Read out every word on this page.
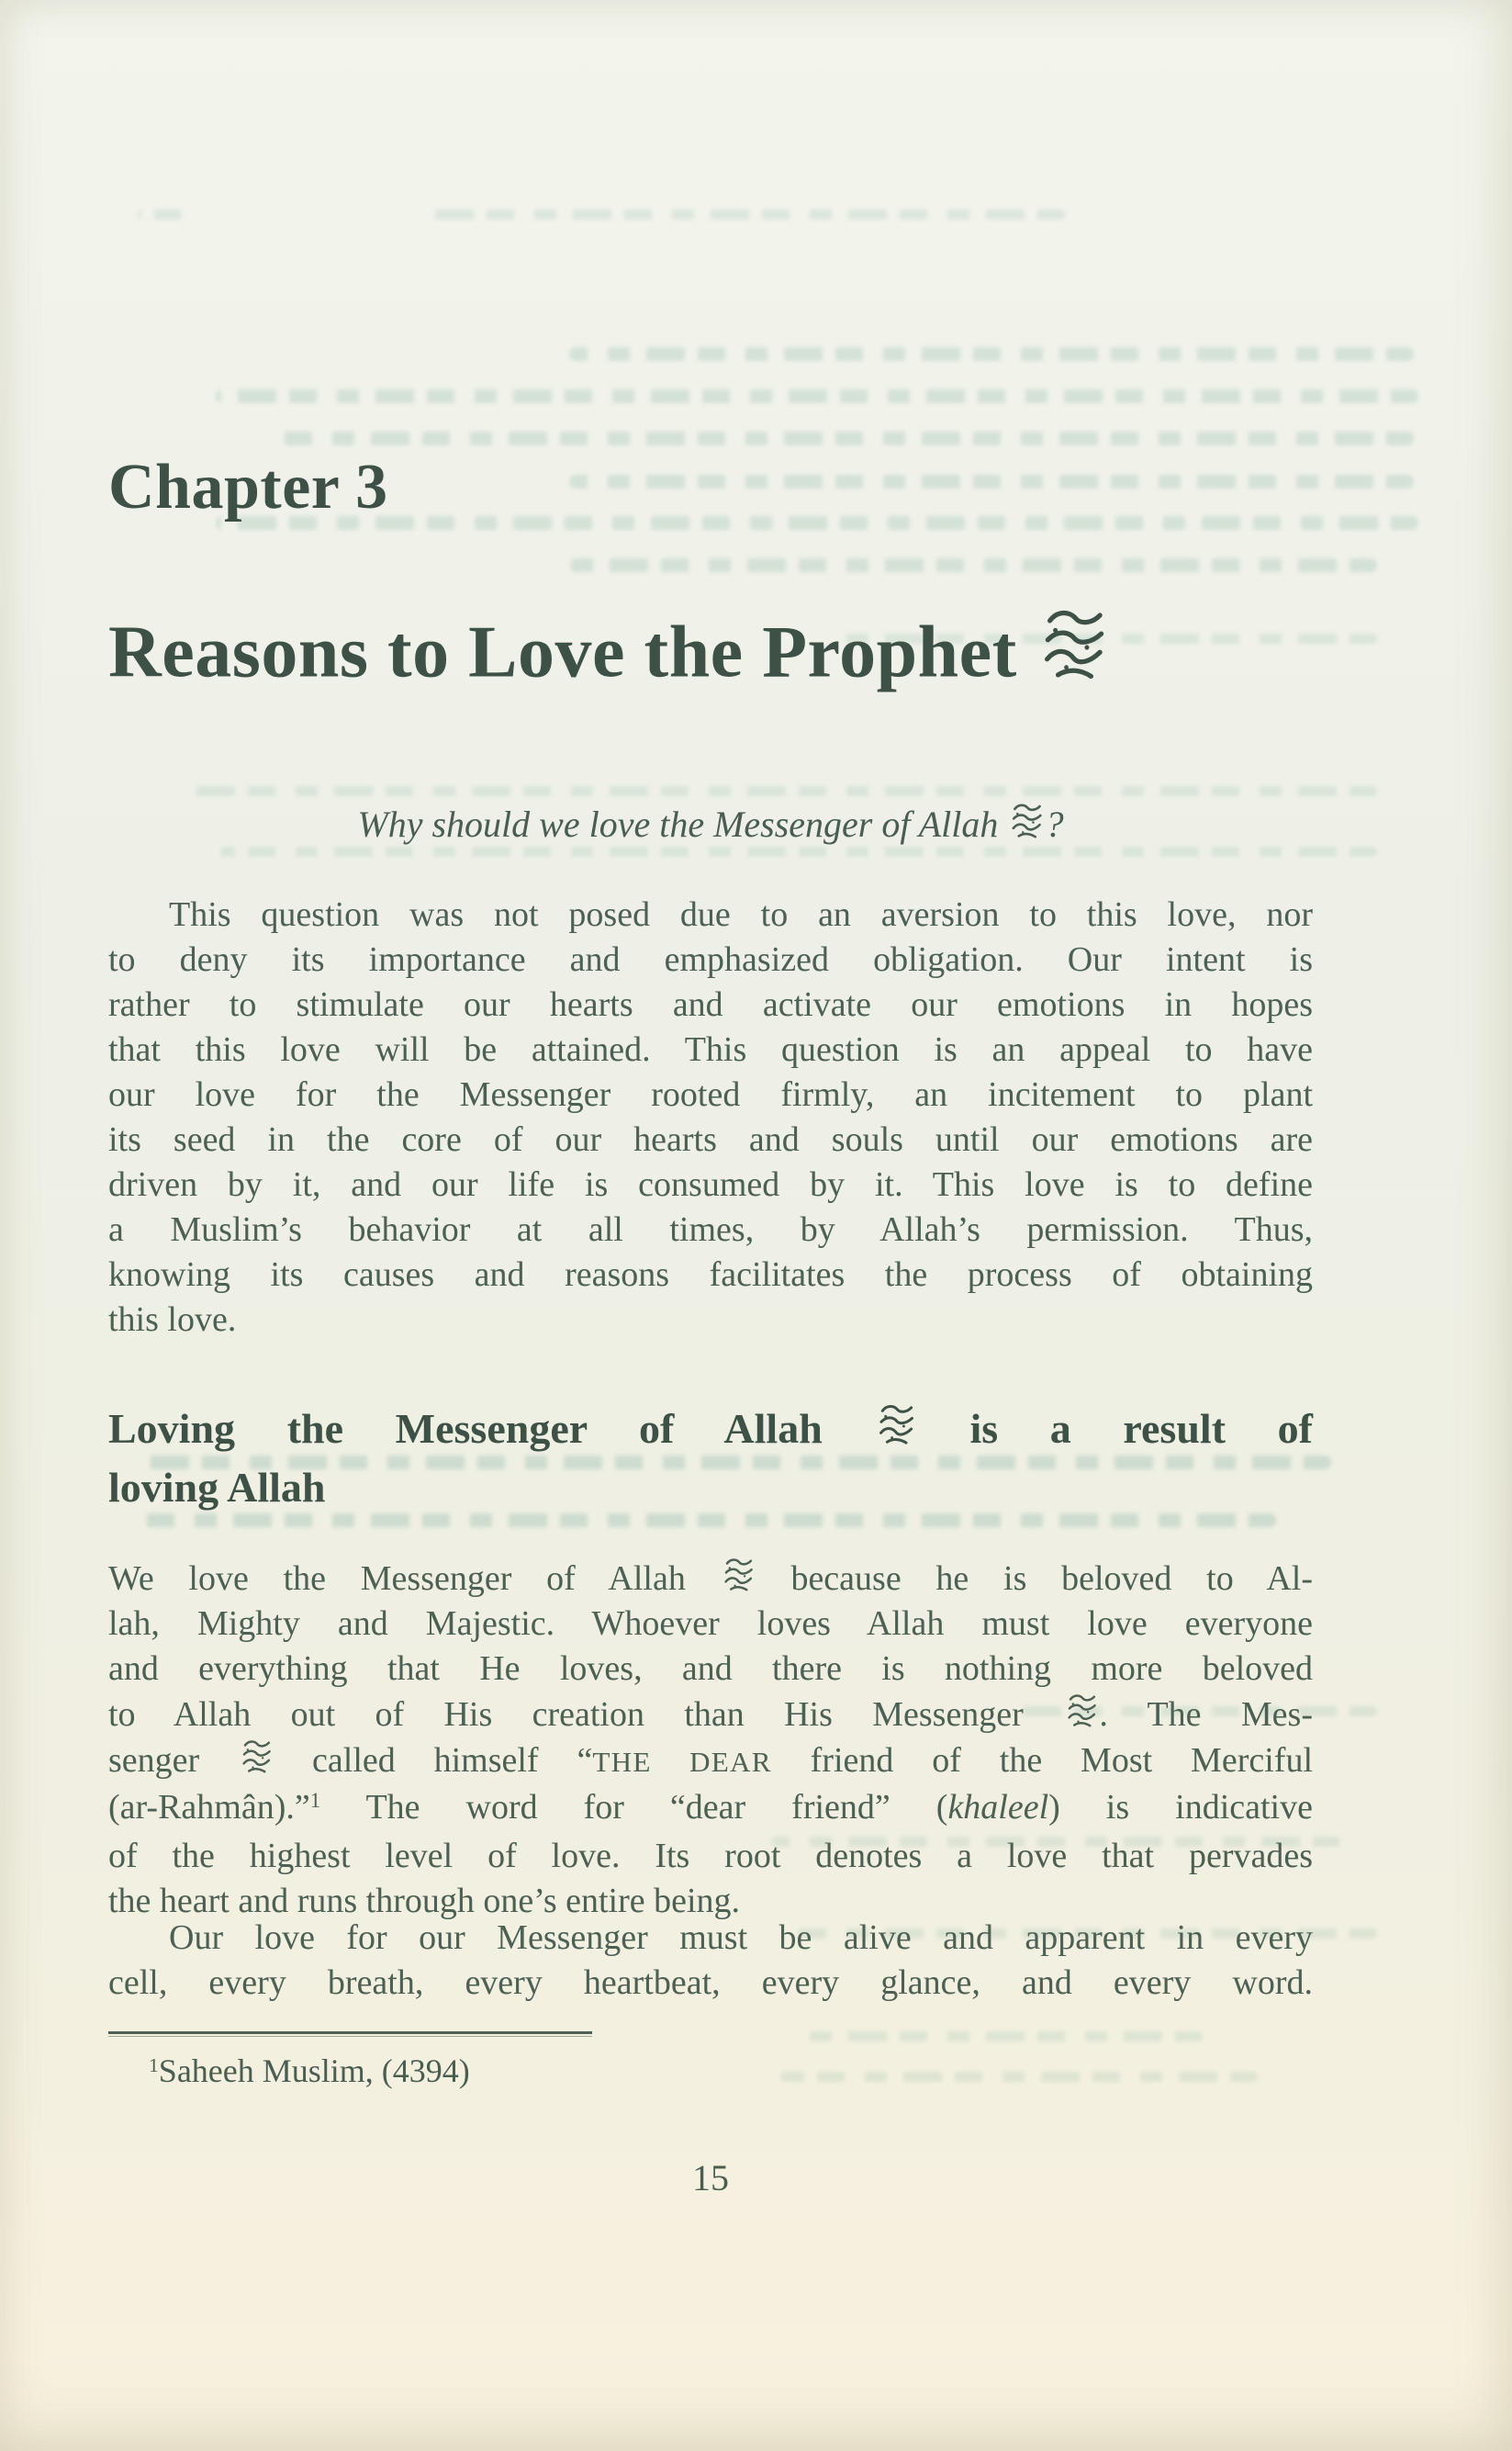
Chapter 3
Reasons to Love the Prophet
Why should we love the Messenger of Allah
?
This question was not posed due to an aversion to this love, nor
to deny its importance and emphasized obligation. Our intent is
rather to stimulate our hearts and activate our emotions in hopes
that this love will be attained. This question is an appeal to have
our love for the Messenger rooted firmly, an incitement to plant
its seed in the core of our hearts and souls until our emotions are
driven by it, and our life is consumed by it. This love is to define
a Muslim’s behavior at all times, by Allah’s permission. Thus,
knowing its causes and reasons facilitates the process of obtaining
this love.
Loving the Messenger of Allah
is a result of
loving Allah
We love the Messenger of Allah
because he is beloved to Al-
lah, Mighty and Majestic. Whoever loves Allah must love everyone
and everything that He loves, and there is nothing more beloved
to Allah out of His creation than His Messenger
. The Mes-
senger
called himself “THE DEAR friend of the Most Merciful
(ar-Rahmân).”$^1$ The word for “dear friend” (khaleel) is indicative
of the highest level of love. Its root denotes a love that pervades
the heart and runs through one’s entire being.
Our love for our Messenger must be alive and apparent in every
cell, every breath, every heartbeat, every glance, and every word.
$^1$Saheeh Muslim, (4394)
15
